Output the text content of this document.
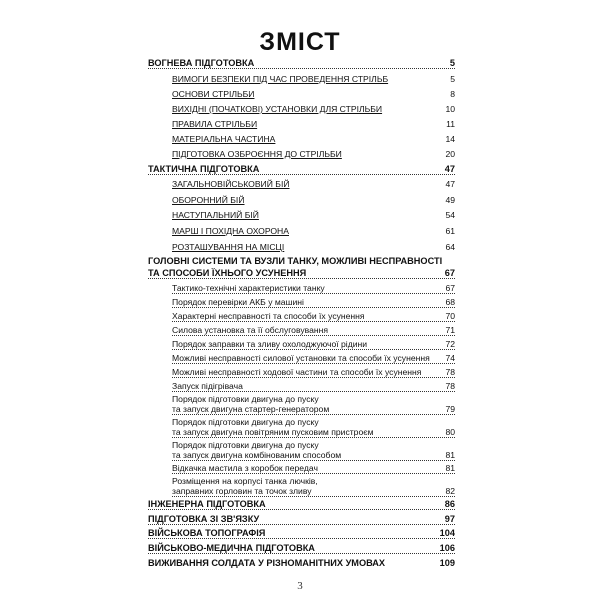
ЗМІСТ
ВОГНЕВА ПІДГОТОВКА	5
ВИМОГИ БЕЗПЕКИ ПІД ЧАС ПРОВЕДЕННЯ СТРІЛЬБ	5
ОСНОВИ СТРІЛЬБИ	8
ВИХІДНІ (ПОЧАТКОВІ) УСТАНОВКИ ДЛЯ СТРІЛЬБИ	10
ПРАВИЛА СТРІЛЬБИ	11
МАТЕРІАЛЬНА ЧАСТИНА	14
ПІДГОТОВКА ОЗБРОЄННЯ ДО СТРІЛЬБИ	20
ТАКТИЧНА ПІДГОТОВКА	47
ЗАГАЛЬНОВІЙСЬКОВИЙ БІЙ	47
ОБОРОННИЙ БІЙ	49
НАСТУПАЛЬНИЙ БІЙ	54
МАРШ І ПОХІДНА ОХОРОНА	61
РОЗТАШУВАННЯ НА МІСЦІ	64
ГОЛОВНІ СИСТЕМИ ТА ВУЗЛИ ТАНКУ, МОЖЛИВІ НЕСПРАВНОСТІ
ТА СПОСОБИ ЇХНЬОГО УСУНЕННЯ	67
Тактико-технічні характеристики танку	67
Порядок перевірки АКБ у машині	68
Характерні несправності та способи їх усунення	70
Силова установка та її обслуговування	71
Порядок заправки та зливу охолоджуючої рідини	72
Можливі несправності силової установки та способи їх усунення 74
Можливі несправності ходової частини та способи їх усунення	78
Запуск підігрівача	78
Порядок підготовки двигуна до пуску
та запуск двигуна стартер-генератором	79
Порядок підготовки двигуна до пуску
та запуск двигуна повітряним пусковим пристроєм	80
Порядок підготовки двигуна до пуску
та запуск двигуна комбінованим способом	81
Відкачка мастила з коробок передач	81
Розміщення на корпусі танка лючків,
заправних горловин та точок зливу	82
ІНЖЕНЕРНА ПІДГОТОВКА	86
ПІДГОТОВКА ЗІ ЗВ'ЯЗКУ	97
ВІЙСЬКОВА ТОПОГРАФІЯ	104
ВІЙСЬКОВО-МЕДИЧНА ПІДГОТОВКА	106
ВИЖИВАННЯ СОЛДАТА У РІЗНОМАНІТНИХ УМОВАХ	109
3
